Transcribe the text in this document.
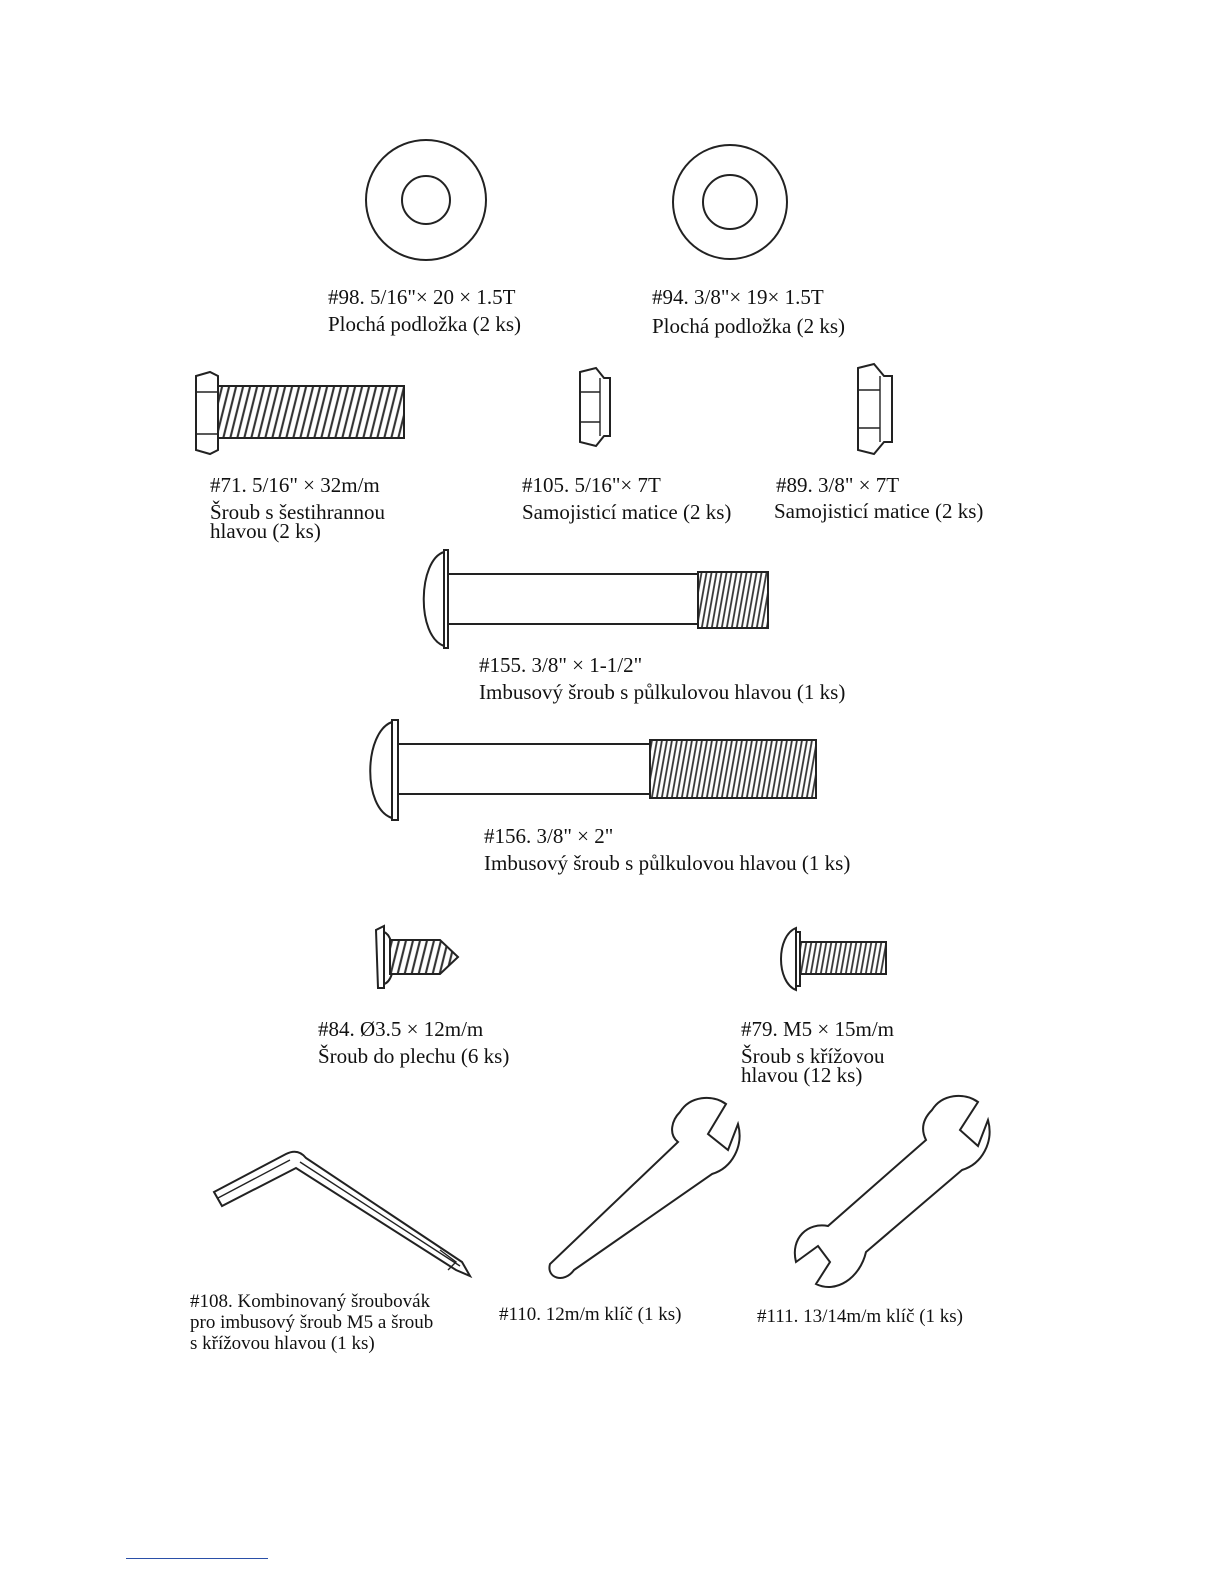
#98. 5/16"× 20 × 1.5T
Plochá podložka (2 ks)
#94. 3/8"× 19× 1.5T
Plochá podložka (2 ks)
#71. 5/16" × 32m/m
Šroub s šestihrannou
hlavou (2 ks)
#105. 5/16"× 7T
Samojisticí matice (2 ks)
#89. 3/8" × 7T
Samojisticí matice (2 ks)
#155. 3/8" × 1-1/2"
Imbusový šroub s půlkulovou hlavou (1 ks)
#156. 3/8" × 2"
Imbusový šroub s půlkulovou hlavou (1 ks)
#84. Ø3.5 × 12m/m
Šroub do plechu (6 ks)
#79. M5 × 15m/m
Šroub s křížovou
hlavou (12 ks)
#108. Kombinovaný šroubovák
pro imbusový šroub M5 a šroub
s křížovou hlavou (1 ks)
#110. 12m/m klíč (1 ks)	#111. 13/14m/m klíč (1 ks)
